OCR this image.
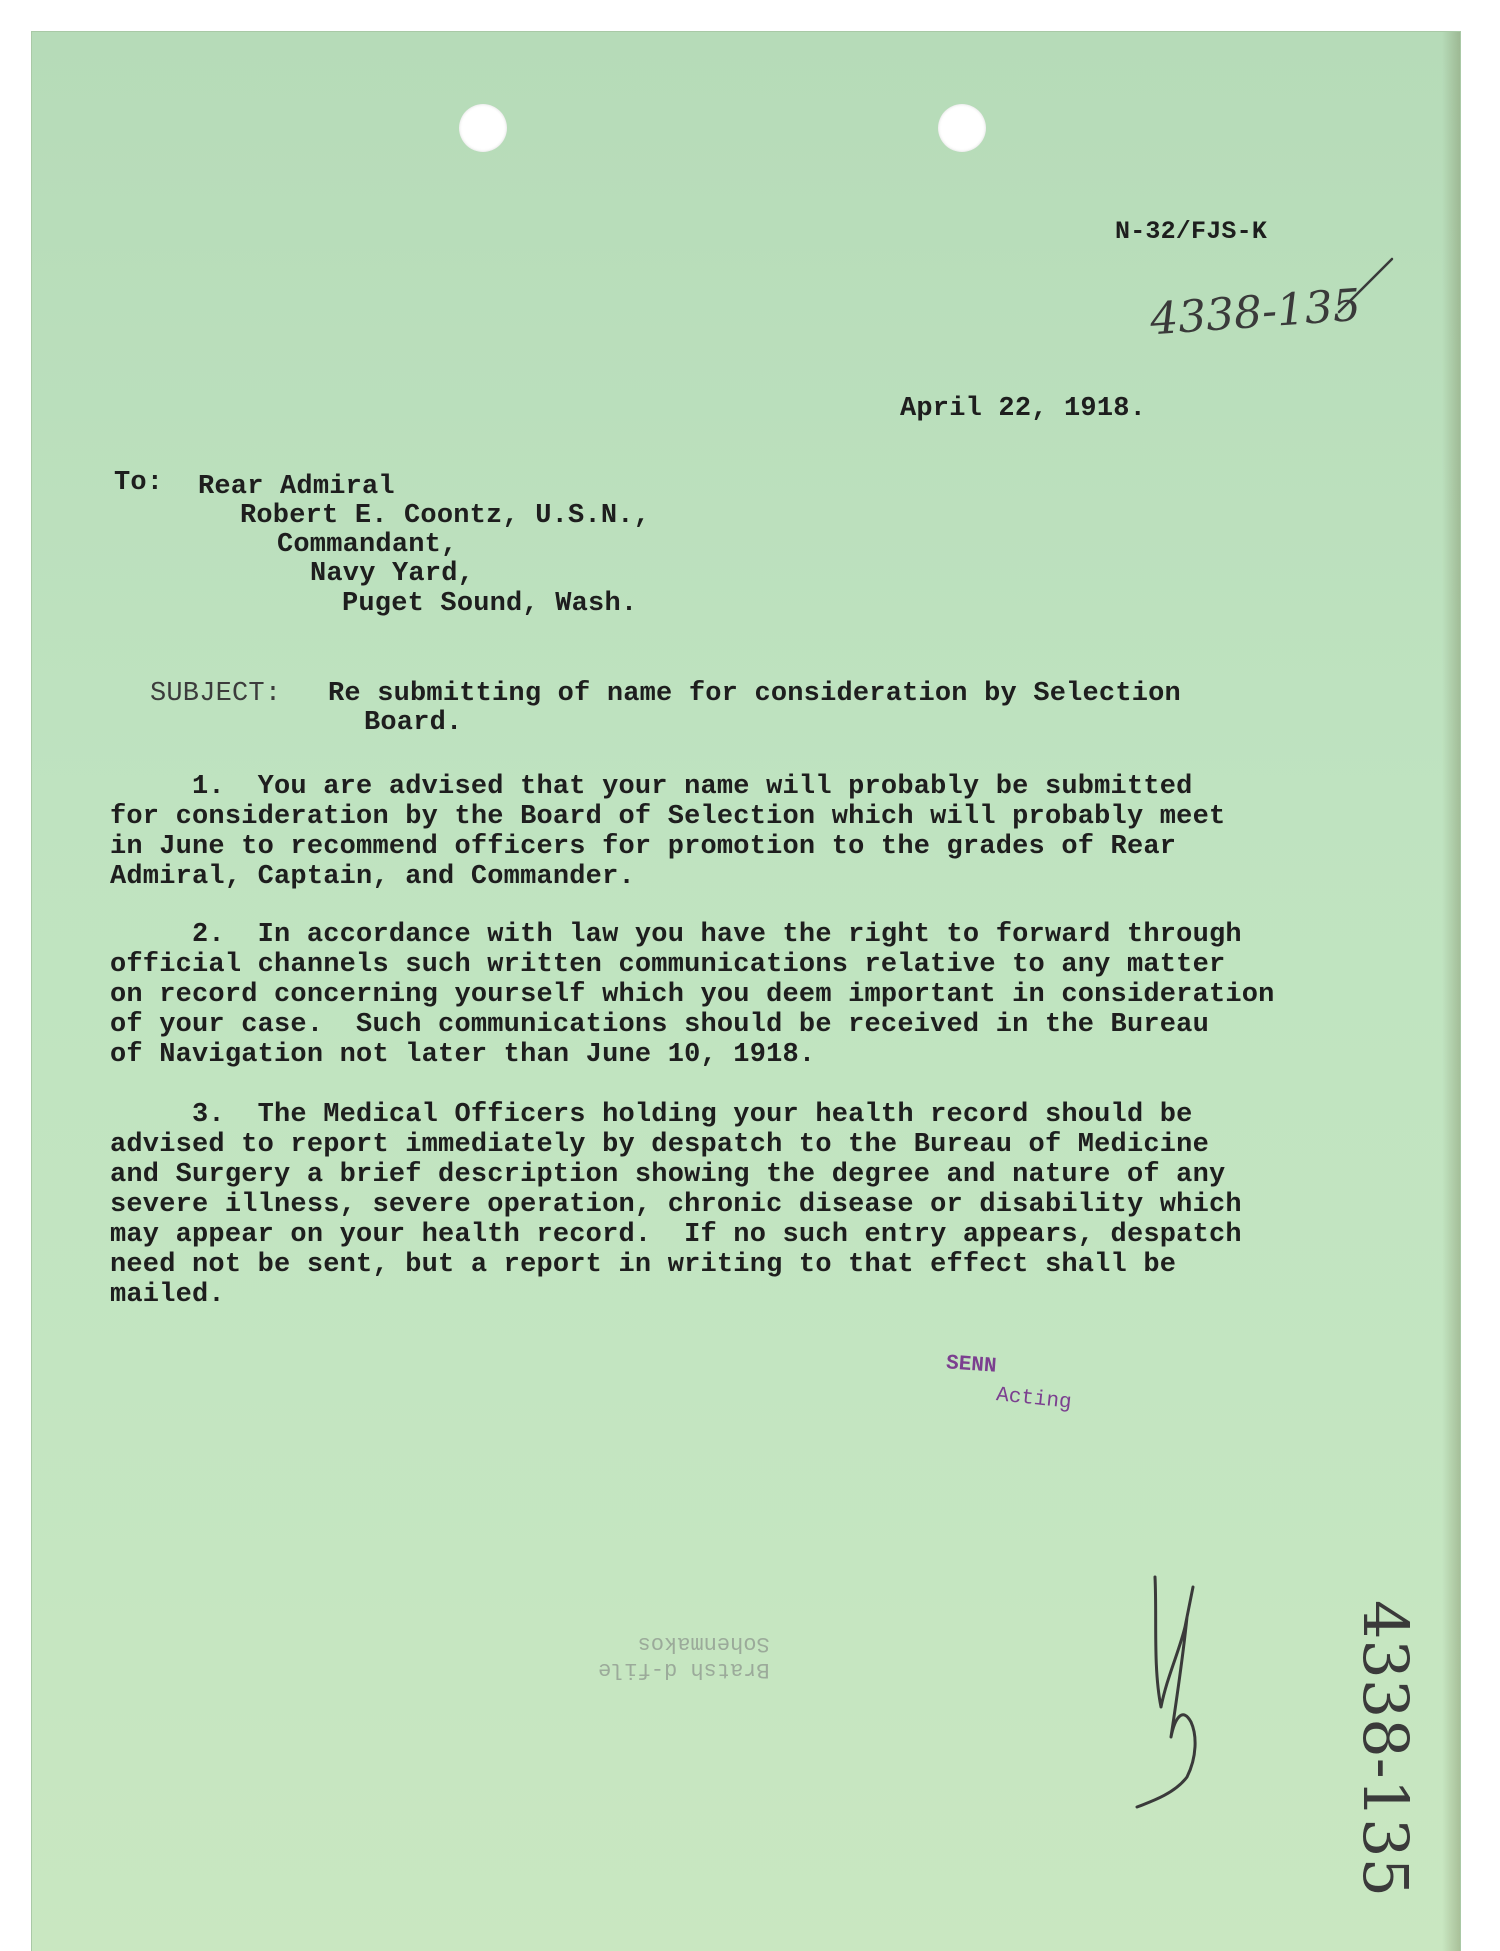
N-32/FJS-K
4338-135
April 22, 1918.
To: Rear Admiral
Robert E. Coontz, U.S.N.,
Commandant,
Navy Yard,
Puget Sound, Wash.
SUBJECT: Re submitting of name for consideration by Selection
Board.
1.  You are advised that your name will probably be submitted
for consideration by the Board of Selection which will probably meet
in June to recommend officers for promotion to the grades of Rear
Admiral, Captain, and Commander.
2.  In accordance with law you have the right to forward through
official channels such written communications relative to any matter
on record concerning yourself which you deem important in consideration
of your case.  Such communications should be received in the Bureau
of Navigation not later than June 10, 1918.
3.  The Medical Officers holding your health record should be
advised to report immediately by despatch to the Bureau of Medicine
and Surgery a brief description showing the degree and nature of any
severe illness, severe operation, chronic disease or disability which
may appear on your health record.  If no such entry appears, despatch
need not be sent, but a report in writing to that effect shall be
mailed.
SENN
Acting
Bratsh d-file
Sohenmakos	4338-135
